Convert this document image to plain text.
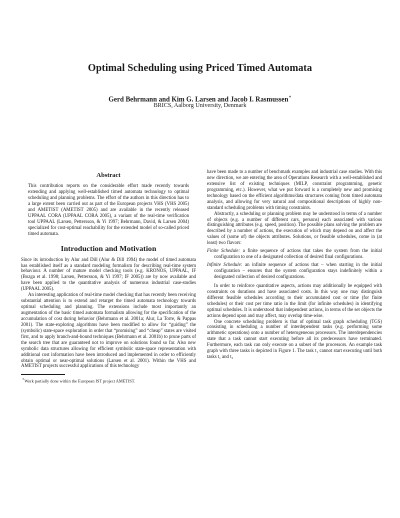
Optimal Scheduling using Priced Timed Automata
Gerd Behrmann and Kim G. Larsen and Jacob I. Rasmussen∗
BRICS, Aalborg University, Denmark
Abstract

This contribution reports on the considerable effort made recently towards extending and applying well-established timed automata technology to optimal scheduling and planning problems. The effort of the authors in this direction has to a large extent been carried out as part of the European projects VHS (VHS 2005) and AMETIST (AMETIST 2005) and are available in the recently released UPPAAL CORA (UPPAAL CORA 2005), a variant of the real-time verification tool UPPAAL (Larsen, Pettersson, & Yi 1997; Behrmann, David, & Larsen 2004) specialized for cost-optimal reachability for the extended model of so-called priced timed automata.

Introduction and Motivation

Since its introduction by Alur and Dill (Alur & Dill 1994) the model of timed automata has established itself as a standard modeling formalism for describing real-time system behaviour. A number of mature model checking tools (e.g. KRONOS, UPPAAL, IF (Bozga et al. 1998; Larsen, Pettersson, & Yi 1997; IF 2005)) are by now available and have been applied to the quantitative analysis of numerous industrial case-studies (UPPAAL 2005).

An interesting application of real-time model checking that has recently been receiving substantial attention is to extend and retarget the timed automata technology towards optimal scheduling and planning. The extensions include most importantly an augmentation of the basic timed automata formalism allowing for the specification of the accumulation of cost during behavior (Behrmann et al. 2001a; Alur, La Torre, & Pappas 2001). The state-exploring algorithms have been modified to allow for “guiding” the (symbolic) state-space exploration in order that “promising” and “cheap” states are visited first, and to apply branch-and-bound techniques (Behrmann et al. 2001b) to prune parts of the search tree that are guaranteed not to improve on solutions found so far. Also new symbolic data structures allowing for efficient symbolic state-space representation with additional cost information have been introduced and implemented in order to efficiently obtain optimal or near-optimal solutions (Larsen et al. 2001). Within the VHS and AMETIST projects successful applications of this technology

∗Work partially done within the European IST project AMETIST.

have been made to a number of benchmark examples and industrial case studies. With this new direction, we are entering the area of Operations Research with a well-established and extensive list of existing techniques (MILP, constraint programming, genetic programming, etc.). However, what we put forward is a completely new and promising technology based on the efficient algorithms/data structures coming from timed automata analysis, and allowing for very natural and compositional descriptions of highly non-standard scheduling problems with timing constraints.

Abstractly, a scheduling or planning problem may be understood in terms of a number of objects (e.g. a number of different cars, persons) each associated with various distinguishing attributes (e.g. speed, position). The possible plans solving the problem are described by a number of actions, the execution of which may depend on and affect the values of (some of) the objects attributes. Solutions, or feasible schedules, come in (at least) two flavors:

Finite Schedule: a finite sequence of actions that takes the system from the initial configuration to one of a designated collection of desired final configurations.

Infinite Schedule: an infinite sequence of actions that – when starting in the initial configuration – ensures that the system configuration stays indefinitely within a designated collection of desired configurations.

In order to reinforce quantitative aspects, actions may additionally be equipped with constraints on durations and have associated costs. In this way one may distinguish different feasible schedules according to their accumulated cost or time (for finite schedules) or their cost per time ratio in the limit (for infinite schedules) in identifying optimal schedules. It is understood that independent actions, in terms of the set objects the actions depend upon and may affect, may overlap time-wise.

One concrete scheduling problem is that of optimal task graph scheduling (TGS) consisting in scheduling a number of interdependent tasks (e.g. performing some arithmetic operations) onto a number of heterogeneous processors. The interdependencies state that a task cannot start executing before all its predecessors have terminated. Furthermore, each task can only execute on a subset of the processors. An example task graph with three tasks is depicted in Figure 1. The task t₁ cannot start executing until both tasks t₁ and t₂
